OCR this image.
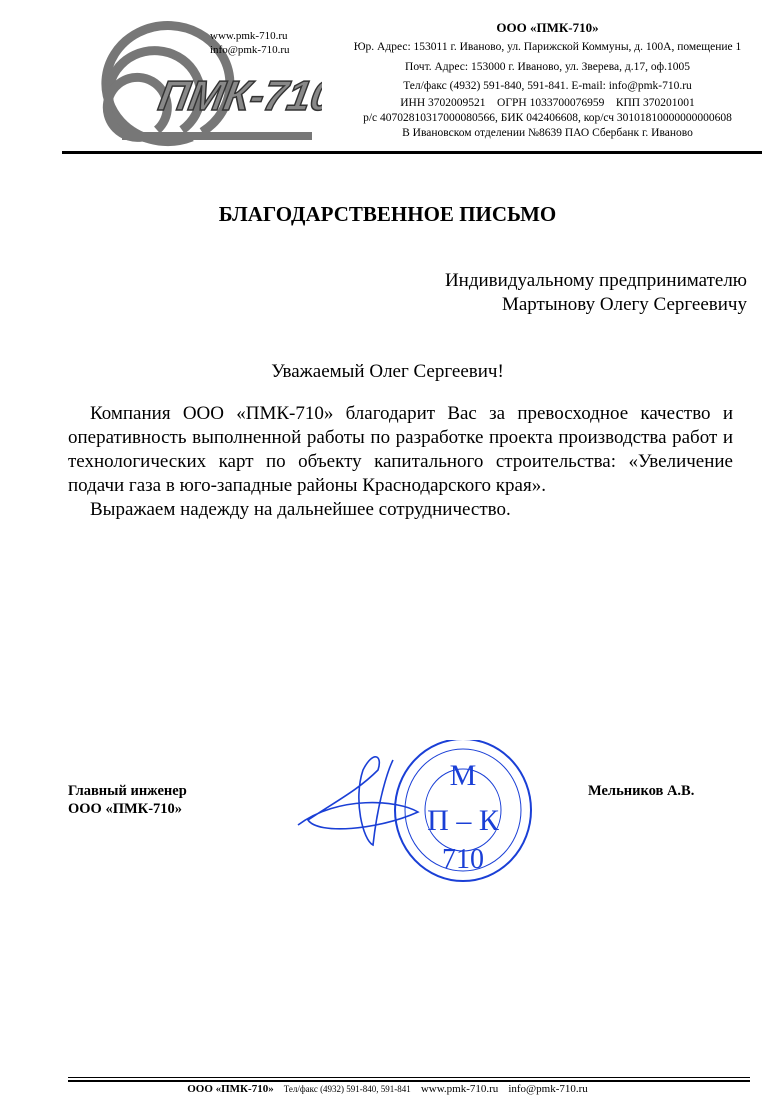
ПМК-710
www.pmk-710.ru
info@pmk-710.ru
ООО «ПМК-710»
Юр. Адрес: 153011 г. Иваново, ул. Парижской Коммуны, д. 100А, помещение 1
Почт. Адрес: 153000 г. Иваново, ул. Зверева, д.17, оф.1005
Тел/факс (4932) 591-840, 591-841. E-mail: info@pmk-710.ru
ИНН 3702009521    ОГРН 1033700076959    КПП 370201001
р/с 40702810317000080566, БИК 042406608, кор/сч 30101810000000000608
В Ивановском отделении №8639 ПАО Сбербанк г. Иваново
БЛАГОДАРСТВЕННОЕ ПИСЬМО
Индивидуальному предпринимателю
Мартынову Олегу Сергеевичу
Уважаемый Олег Сергеевич!
Компания ООО «ПМК-710» благодарит Вас за превосходное качество и оперативность выполненной работы по разработке проекта производства работ и технологических карт по объекту капитального строительства: «Увеличение подачи газа в юго-западные районы Краснодарского края».
Выражаем надежду на дальнейшее сотрудничество.
Главный инженер
ООО «ПМК-710»
Мельников А.В.
М
П – К
710
ООО «ПМК-710» Тел/факс (4932) 591-840, 591-841 www.pmk-710.ru info@pmk-710.ru
